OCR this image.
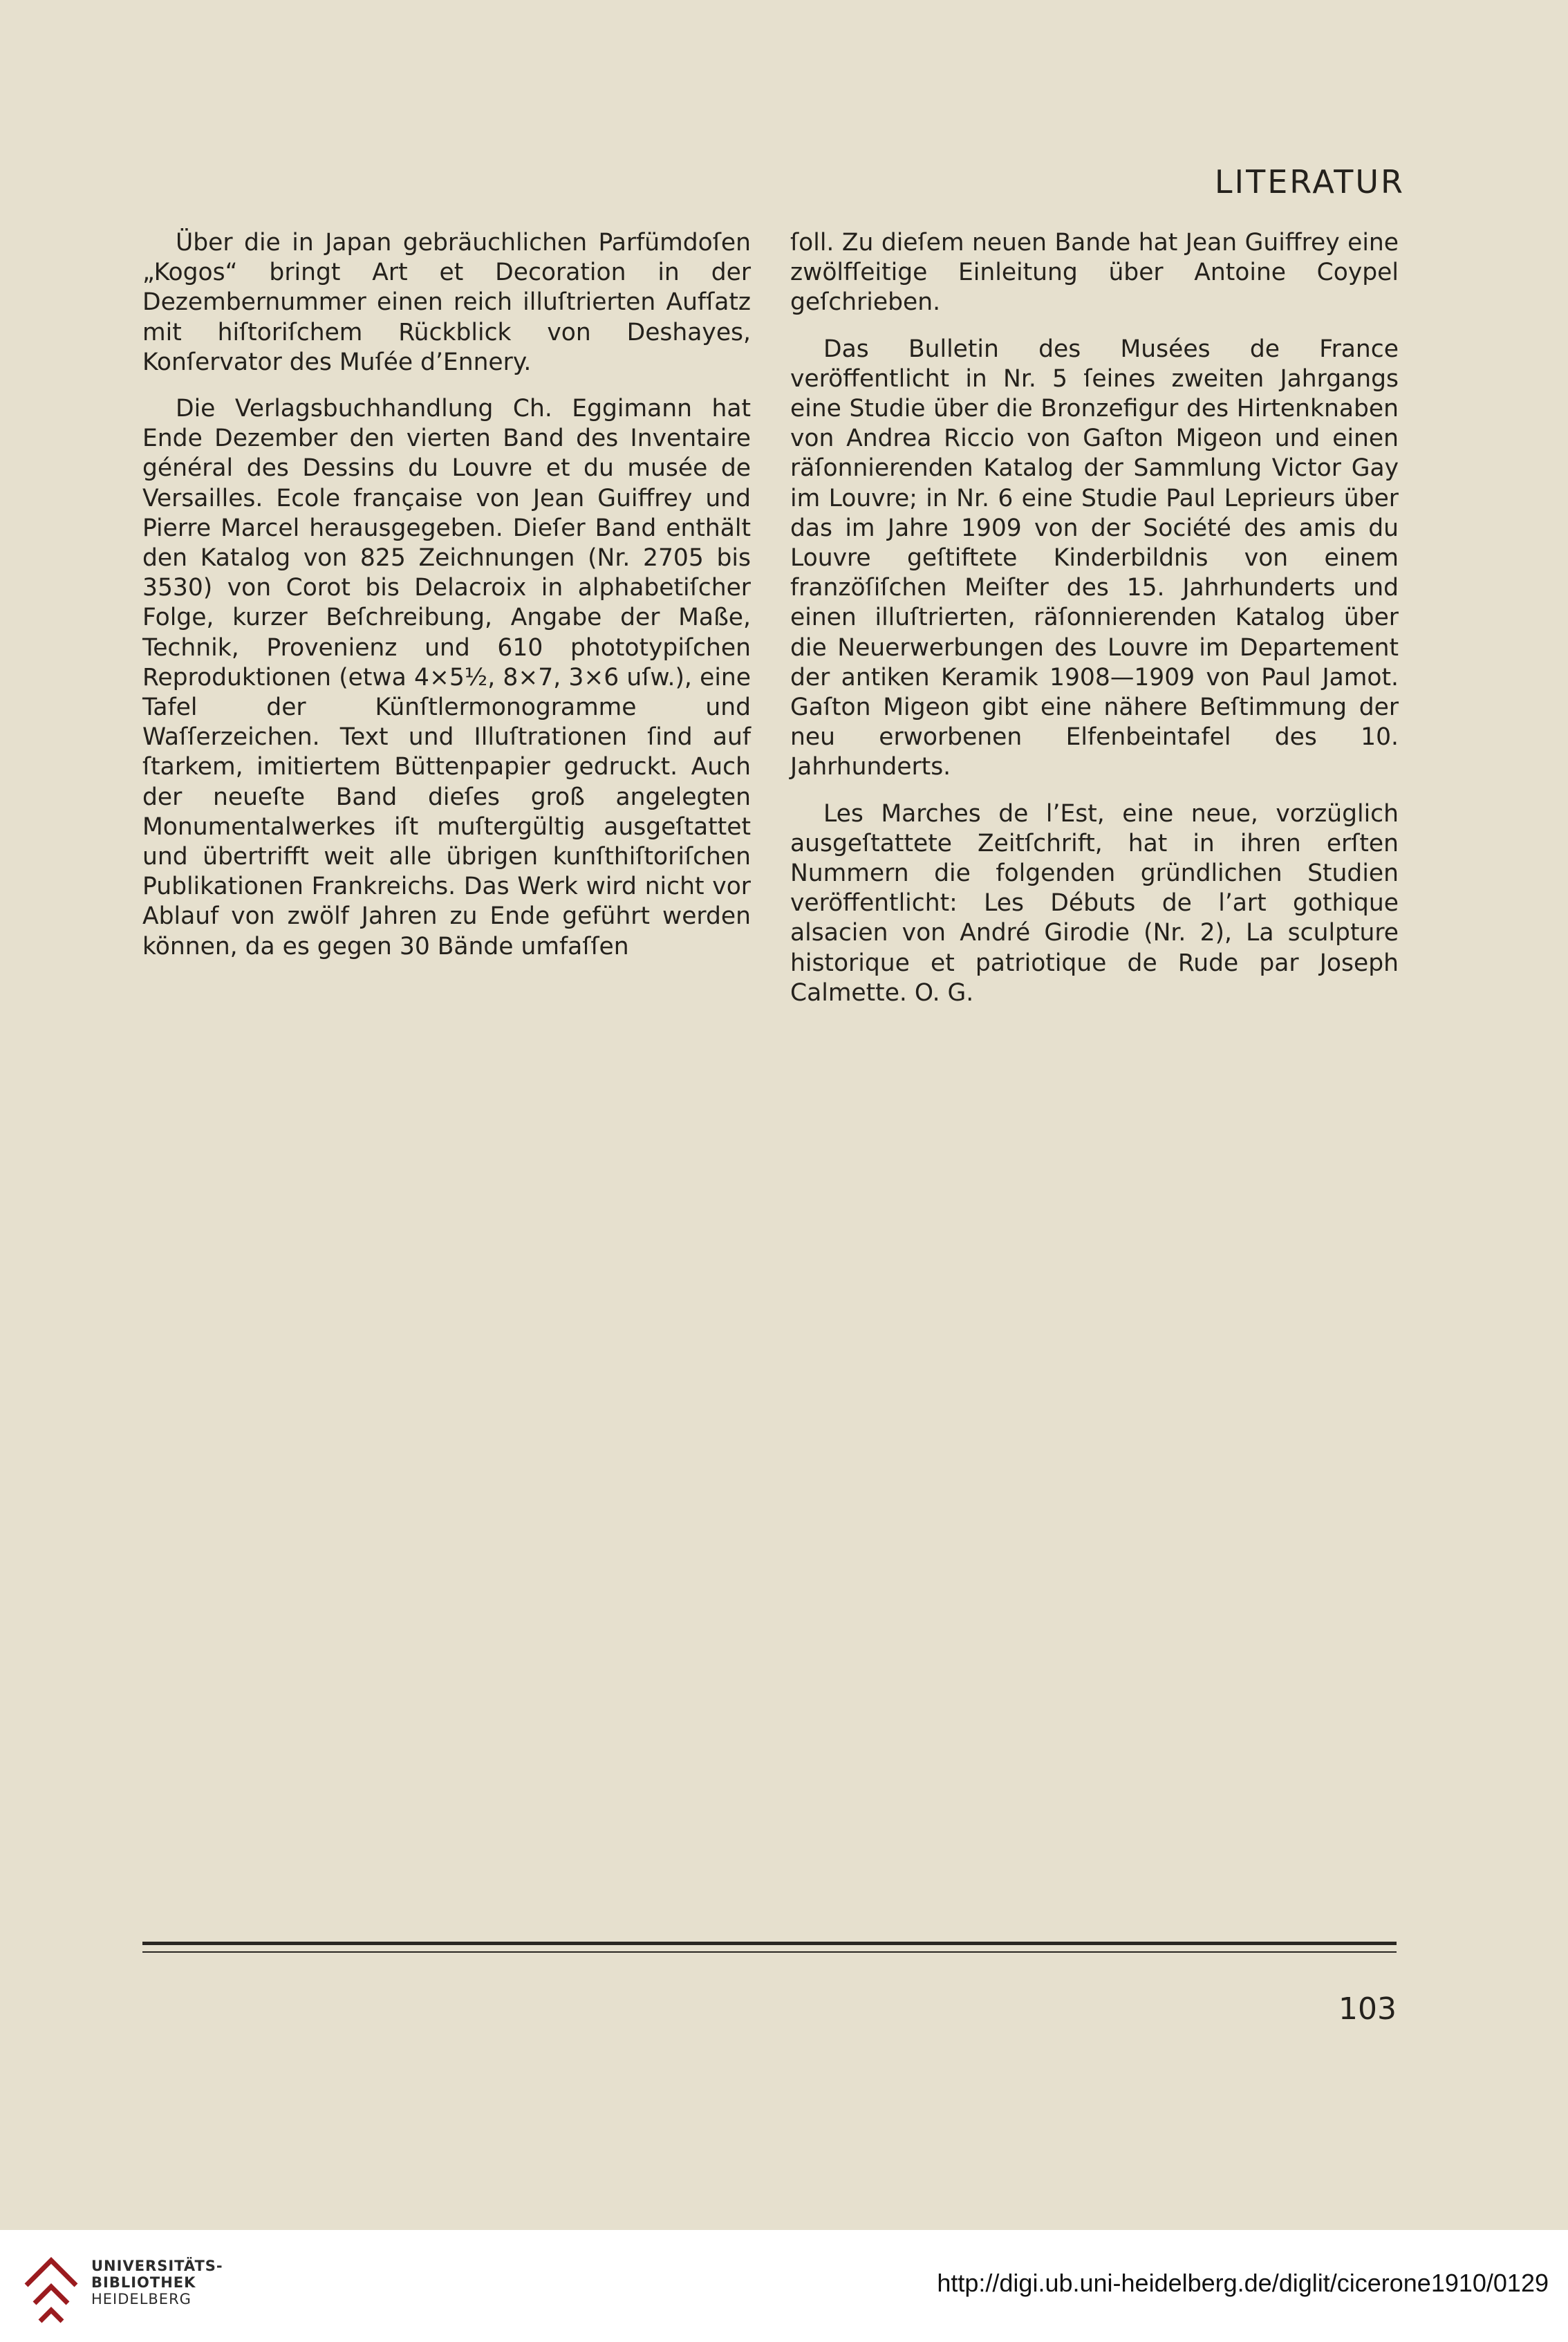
LITERATUR

Über die in Japan gebräuchlichen Parfümdoſen „Kogos“ bringt Art et Decoration in der Dezembernummer einen reich illuſtrierten Aufſatz mit hiſtoriſchem Rückblick von Deshayes, Konſervator des Muſée d’Ennery.

Die Verlagsbuchhandlung Ch. Eggimann hat Ende Dezember den vierten Band des Inventaire général des Dessins du Louvre et du musée de Versailles. Ecole française von Jean Guiffrey und Pierre Marcel herausgegeben. Dieſer Band enthält den Katalog von 825 Zeichnungen (Nr. 2705 bis 3530) von Corot bis Delacroix in alphabetiſcher Folge, kurzer Beſchreibung, Angabe der Maße, Technik, Provenienz und 610 phototypiſchen Reproduktionen (etwa 4×5½, 8×7, 3×6 uſw.), eine Tafel der Künſtlermonogramme und Waſſerzeichen. Text und Illuſtrationen ſind auf ſtarkem, imitiertem Büttenpapier gedruckt. Auch der neueſte Band dieſes groß angelegten Monumentalwerkes iſt muſtergültig ausgeſtattet und übertrifft weit alle übrigen kunſthiſtoriſchen Publikationen Frankreichs. Das Werk wird nicht vor Ablauf von zwölf Jahren zu Ende geführt werden können, da es gegen 30 Bände umfaſſen

ſoll. Zu dieſem neuen Bande hat Jean Guiffrey eine zwölfſeitige Einleitung über Antoine Coypel geſchrieben.

Das Bulletin des Musées de France veröffentlicht in Nr. 5 ſeines zweiten Jahrgangs eine Studie über die Bronzefigur des Hirtenknaben von Andrea Riccio von Gaſton Migeon und einen räſonnierenden Katalog der Sammlung Victor Gay im Louvre; in Nr. 6 eine Studie Paul Leprieurs über das im Jahre 1909 von der Société des amis du Louvre geſtiftete Kinderbildnis von einem franzöſiſchen Meiſter des 15. Jahrhunderts und einen illuſtrierten, räſonnierenden Katalog über die Neuerwerbungen des Louvre im Departement der antiken Keramik 1908—1909 von Paul Jamot. Gaſton Migeon gibt eine nähere Beſtimmung der neu erworbenen Elfenbeintafel des 10. Jahrhunderts.

Les Marches de l’Est, eine neue, vorzüglich ausgeſtattete Zeitſchrift, hat in ihren erſten Nummern die folgenden gründlichen Studien veröffentlicht: Les Débuts de l’art gothique alsacien von André Girodie (Nr. 2), La sculpture historique et patriotique de Rude par Joseph Calmette. O. G.

103
UNIVERSITÄTS-
BIBLIOTHEK
HEIDELBERG
http://digi.ub.uni-heidelberg.de/diglit/cicerone1910/0129
